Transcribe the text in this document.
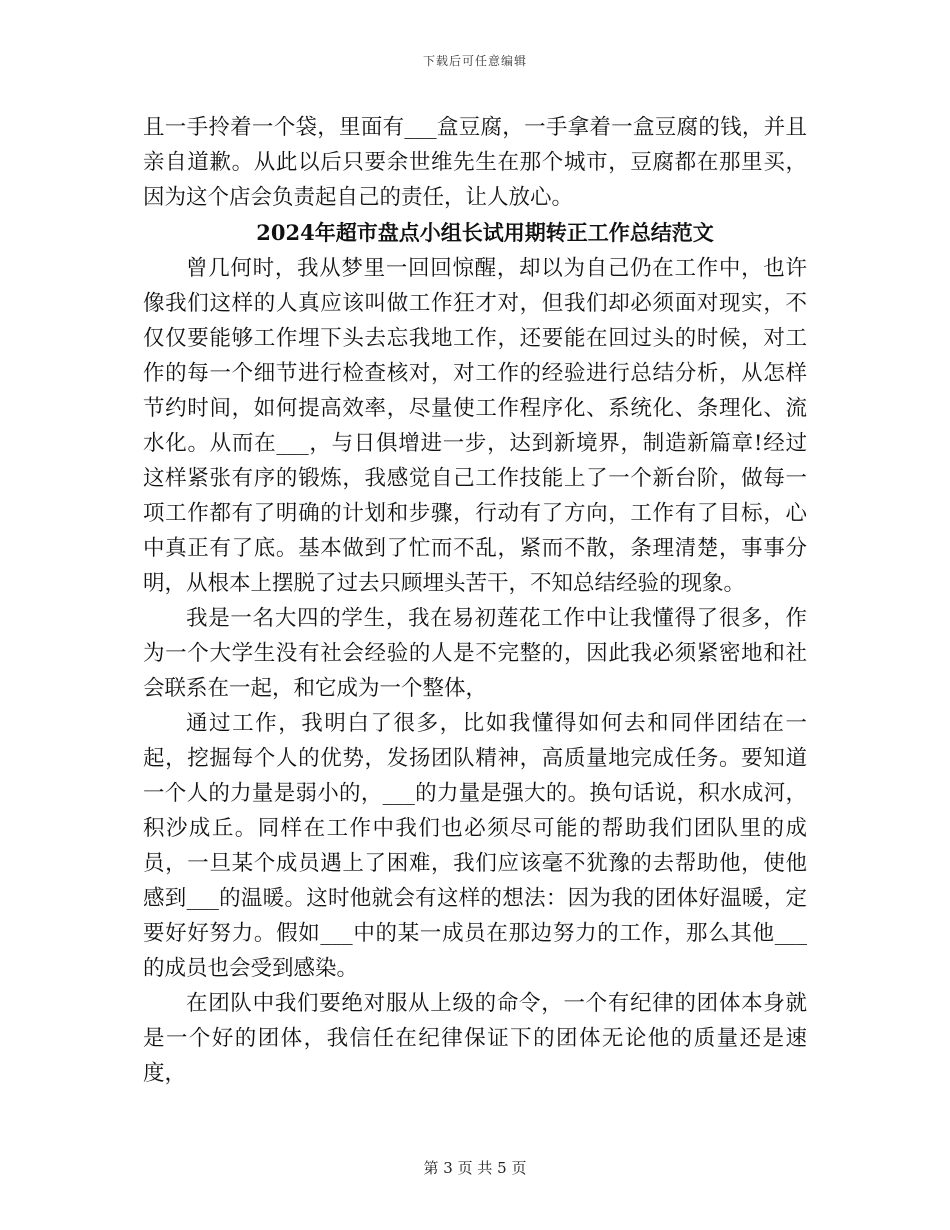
下载后可任意编辑

且一手拎着一个袋，里面有___盒豆腐，一手拿着一盒豆腐的钱，并且亲自道歉。从此以后只要余世维先生在那个城市，豆腐都在那里买，因为这个店会负责起自己的责任，让人放心。

2024年超市盘点小组长试用期转正工作总结范文

曾几何时，我从梦里一回回惊醒，却以为自己仍在工作中，也许像我们这样的人真应该叫做工作狂才对，但我们却必须面对现实，不仅仅要能够工作埋下头去忘我地工作，还要能在回过头的时候，对工作的每一个细节进行检查核对，对工作的经验进行总结分析，从怎样节约时间，如何提高效率，尽量使工作程序化、系统化、条理化、流水化。从而在___，与日俱增进一步，达到新境界，制造新篇章!经过这样紧张有序的锻炼，我感觉自己工作技能上了一个新台阶，做每一项工作都有了明确的计划和步骤，行动有了方向，工作有了目标，心中真正有了底。基本做到了忙而不乱，紧而不散，条理清楚，事事分明，从根本上摆脱了过去只顾埋头苦干，不知总结经验的现象。

我是一名大四的学生，我在易初莲花工作中让我懂得了很多，作为一个大学生没有社会经验的人是不完整的，因此我必须紧密地和社会联系在一起，和它成为一个整体，

通过工作，我明白了很多，比如我懂得如何去和同伴团结在一起，挖掘每个人的优势，发扬团队精神，高质量地完成任务。要知道一个人的力量是弱小的，___的力量是强大的。换句话说，积水成河，积沙成丘。同样在工作中我们也必须尽可能的帮助我们团队里的成员，一旦某个成员遇上了困难，我们应该毫不犹豫的去帮助他，使他感到___的温暖。这时他就会有这样的想法：因为我的团体好温暖，定要好好努力。假如___中的某一成员在那边努力的工作，那么其他___的成员也会受到感染。

在团队中我们要绝对服从上级的命令，一个有纪律的团体本身就是一个好的团体，我信任在纪律保证下的团体无论他的质量还是速度，

第 3 页 共 5 页
